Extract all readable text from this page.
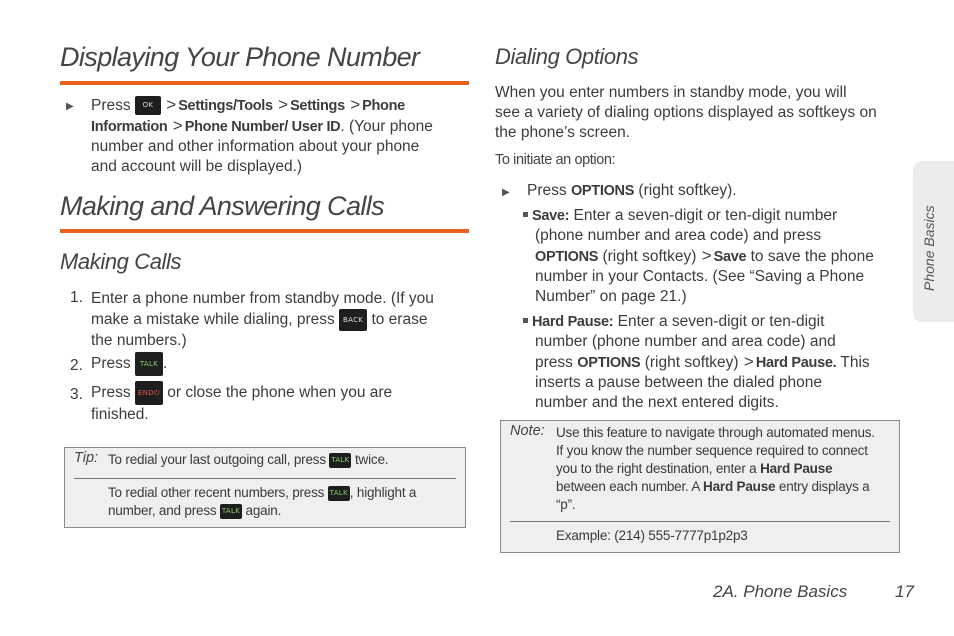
Displaying Your Phone Number
▶ Press OK > Settings/Tools > Settings > Phone
Information > Phone Number/ User ID. (Your phone
number and other information about your phone
and account will be displayed.)
Making and Answering Calls
Making Calls
1. Enter a phone number from standby mode. (If you
make a mistake while dialing, press BACK to erase
the numbers.)
2. Press TALK .
3. Press END⏻ or close the phone when you are
finished.
Tip: To redial your last outgoing call, press TALK twice.
To redial other recent numbers, press TALK , highlight a
number, and press TALK again.
Dialing Options
When you enter numbers in standby mode, you will
see a variety of dialing options displayed as softkeys on
the phone’s screen.
To initiate an option:
▶ Press OPTIONS (right softkey).
Save: Enter a seven-digit or ten-digit number
(phone number and area code) and press
OPTIONS (right softkey) > Save to save the phone
number in your Contacts. (See “Saving a Phone
Number” on page 21.)
Hard Pause: Enter a seven-digit or ten-digit
number (phone number and area code) and
press OPTIONS (right softkey) > Hard Pause. This
inserts a pause between the dialed phone
number and the next entered digits.
Note: Use this feature to navigate through automated menus.
If you know the number sequence required to connect
you to the right destination, enter a Hard Pause
between each number. A Hard Pause entry displays a
“p”.
Example: (214) 555-7777p1p2p3
Phone Basics
2A. Phone Basics	17
